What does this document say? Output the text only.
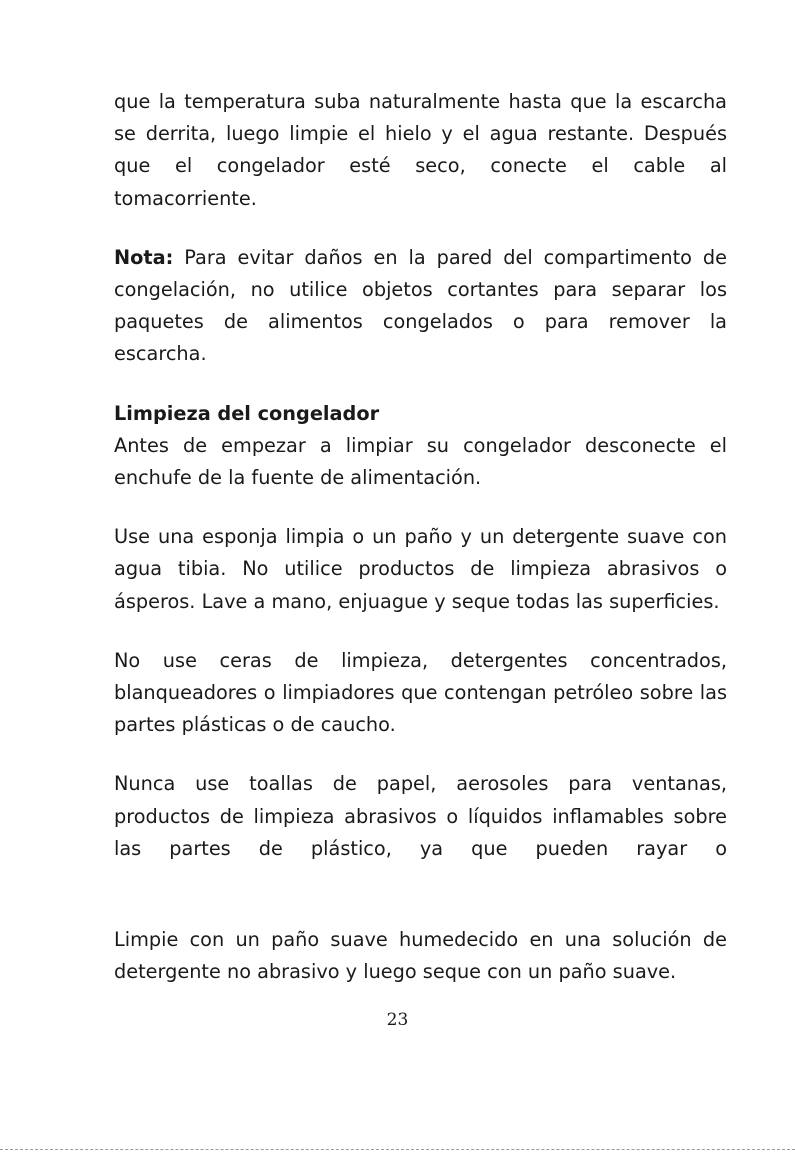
que la temperatura suba naturalmente hasta que la escarcha se derrita, luego limpie el hielo y el agua restante. Después que el congelador esté seco, conecte el cable al tomacorriente.

Nota: Para evitar daños en la pared del compartimento de congelación, no utilice objetos cortantes para separar los paquetes de alimentos congelados o para remover la escarcha.

Limpieza del congelador

Antes de empezar a limpiar su congelador desconecte el enchufe de la fuente de alimentación.

Use una esponja limpia o un paño y un detergente suave con agua tibia. No utilice productos de limpieza abrasivos o ásperos. Lave a mano, enjuague y seque todas las superficies.

No use ceras de limpieza, detergentes concentrados, blanqueadores o limpiadores que contengan petróleo sobre las partes plásticas o de caucho.

Nunca use toallas de papel, aerosoles para ventanas, productos de limpieza abrasivos o líquidos inflamables sobre las partes de plástico, ya que pueden rayar o

Limpie con un paño suave humedecido en una solución de detergente no abrasivo y luego seque con un paño suave.

23
